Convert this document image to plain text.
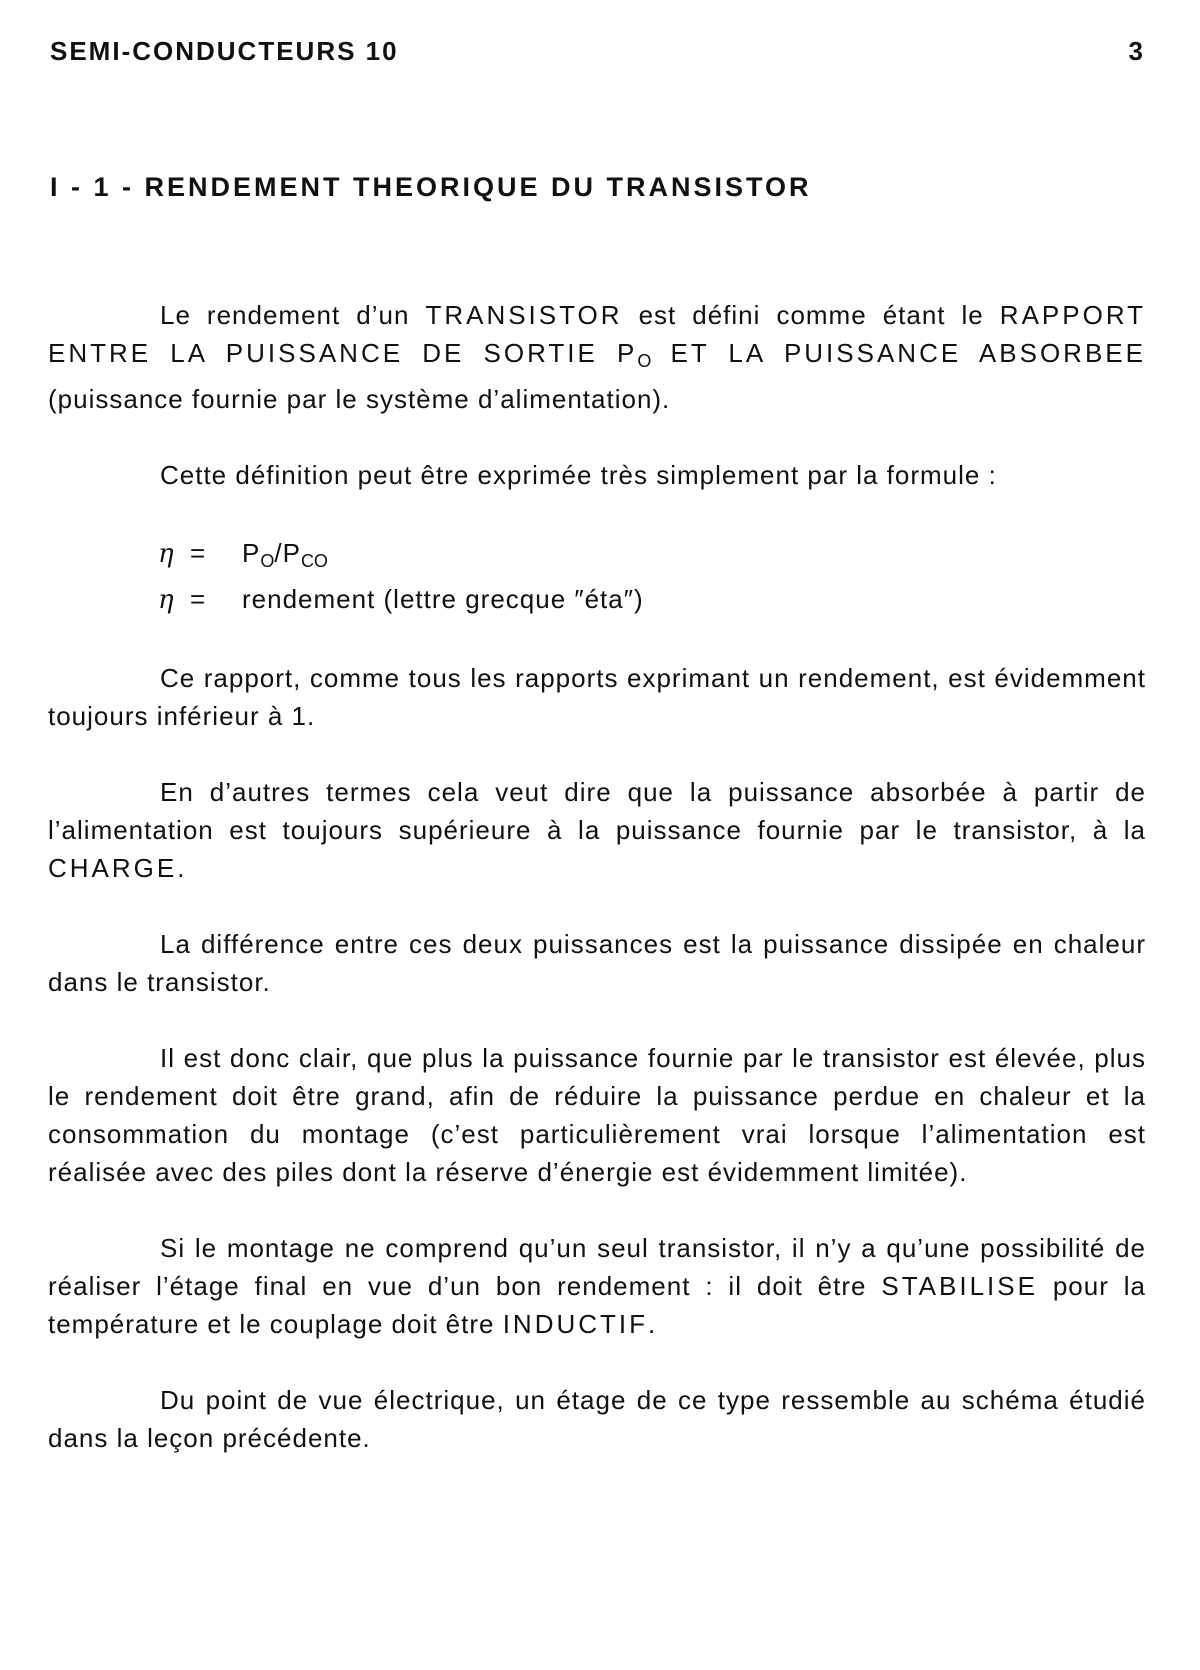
SEMI-CONDUCTEURS 10	3
I - 1 - RENDEMENT THEORIQUE DU TRANSISTOR

Le rendement d’un TRANSISTOR est défini comme étant le RAPPORT ENTRE LA PUISSANCE DE SORTIE $P_O$ ET LA PUISSANCE ABSORBEE (puissance fournie par le système d’alimentation).

Cette définition peut être exprimée très simplement par la formule :

η =	$P_O/P_{CO}$
η =	rendement (lettre grecque ″éta″)

Ce rapport, comme tous les rapports exprimant un rendement, est évidemment toujours inférieur à 1.

En d’autres termes cela veut dire que la puissance absorbée à partir de l’alimentation est toujours supérieure à la puissance fournie par le transistor, à la CHARGE.

La différence entre ces deux puissances est la puissance dissipée en chaleur dans le transistor.

Il est donc clair, que plus la puissance fournie par le transistor est élevée, plus le rendement doit être grand, afin de réduire la puissance perdue en chaleur et la consommation du montage (c’est particulièrement vrai lorsque l’alimentation est réalisée avec des piles dont la réserve d’énergie est évidemment limitée).

Si le montage ne comprend qu’un seul transistor, il n’y a qu’une possibilité de réaliser l’étage final en vue d’un bon rendement : il doit être STABILISE pour la température et le couplage doit être INDUCTIF.

Du point de vue électrique, un étage de ce type ressemble au schéma étudié dans la leçon précédente.
